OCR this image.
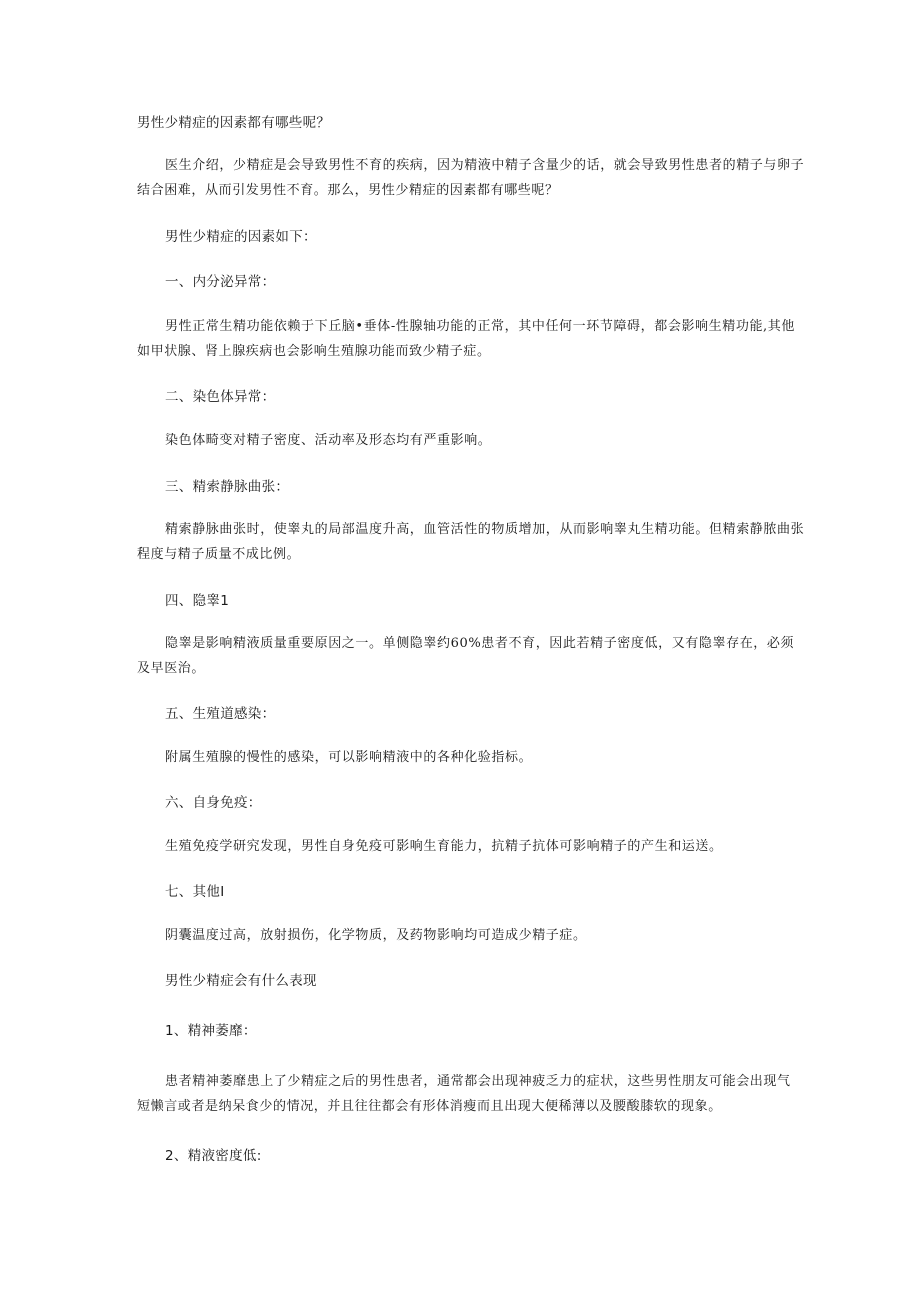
男性少精症的因素都有哪些呢？
医生介绍，少精症是会导致男性不育的疾病，因为精液中精子含量少的话，就会导致男性患者的精子与卵子
结合困难，从而引发男性不育。那么，男性少精症的因素都有哪些呢？
男性少精症的因素如下：
一、内分泌异常：
男性正常生精功能依赖于下丘脑•垂体-性腺轴功能的正常，其中任何一环节障碍，都会影响生精功能,其他
如甲状腺、肾上腺疾病也会影响生殖腺功能而致少精子症。
二、染色体异常：
染色体畸变对精子密度、活动率及形态均有严重影响。
三、精索静脉曲张：
精索静脉曲张时，使睾丸的局部温度升高，血管活性的物质增加，从而影响睾丸生精功能。但精索静脓曲张
程度与精子质量不成比例。
四、隐睾1
隐睾是影响精液质量重要原因之一。单侧隐睾约60%患者不育，因此若精子密度低，又有隐睾存在，必须
及早医治。
五、生殖道感染：
附属生殖腺的慢性的感染，可以影响精液中的各种化验指标。
六、自身免疫：
生殖免疫学研究发现，男性自身免疫可影响生育能力，抗精子抗体可影响精子的产生和运送。
七、其他I
阴囊温度过高，放射损伤，化学物质，及药物影响均可造成少精子症。
男性少精症会有什么表现
1、精神萎靡：
患者精神萎靡患上了少精症之后的男性患者，通常都会出现神疲乏力的症状，这些男性朋友可能会出现气
短懒言或者是纳呆食少的情况，并且往往都会有形体消瘦而且出现大便稀薄以及腰酸膝软的现象。
2、精液密度低:
